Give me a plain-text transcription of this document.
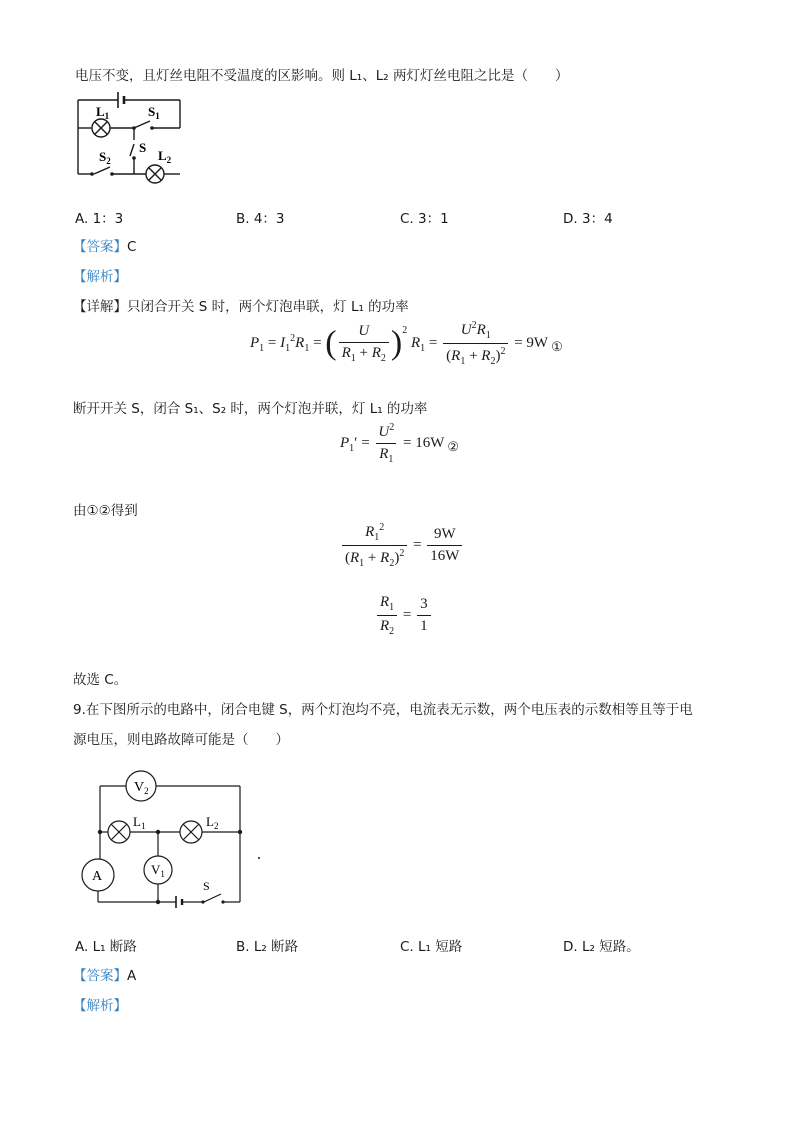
电压不变，且灯丝电阻不受温度的区影响。则 L₁、L₂ 两灯灯丝电阻之比是（　　）
$L_1$	$S_1$
S
$S_2$	$L_2$
A. 1：3	B. 4：3	C. 3：1	D. 3：4
【答案】C
【解析】
【详解】只闭合开关 S 时，两个灯泡串联，灯 L₁ 的功率
$P_1 = I_1^2R_1$ = ( $\frac{U}{R_1 + R_2} )^2$ $R_1 = \frac{U^2R_1}{(R_1 + R_2)^2} = 9W$ ①
断开开关 S，闭合 S₁、S₂ 时，两个灯泡并联，灯 L₁ 的功率
$P_1' = \frac{U^2}{R_1} = 16W$ ②
由①②得到
$\frac{R_1^2}{(R_1 + R_2)^2} = \frac{9W}{16W}$
$\frac{R_1}{R_2} = \frac{3}{1}$
故选 C。
9.在下图所示的电路中，闭合电键 S，两个灯泡均不亮，电流表无示数，两个电压表的示数相等且等于电
源电压，则电路故障可能是（　　）
$V_2$
$L_1$	$L_2$
A	$V_1$
S
A. L₁ 断路	B. L₂ 断路	C. L₁ 短路	D. L₂ 短路。
【答案】A
【解析】
